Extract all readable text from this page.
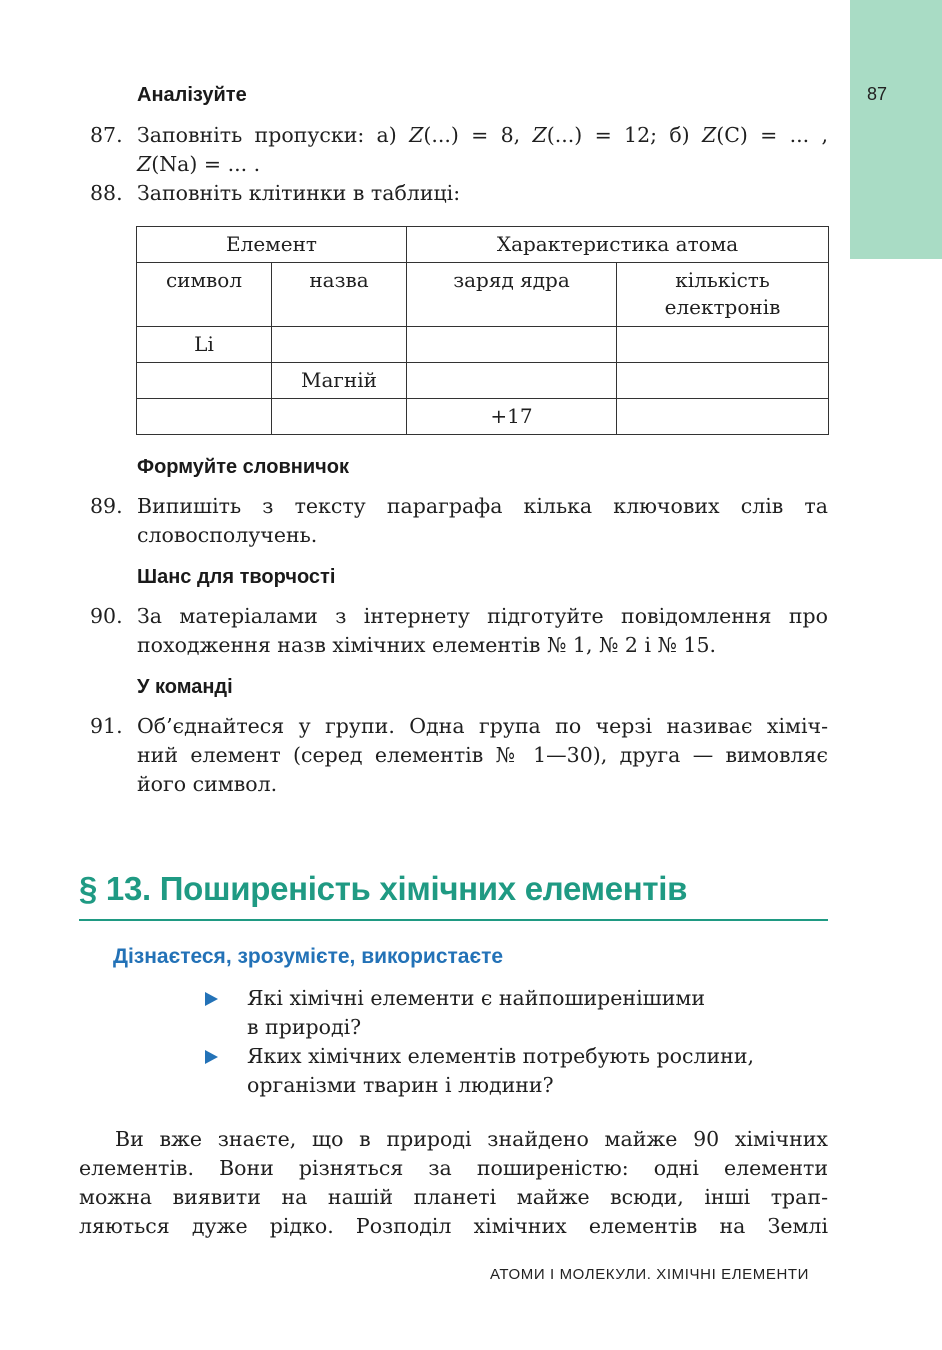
87
Аналізуйте
87. Заповніть пропуски: а) Z(...) = 8, Z(...) = 12; б) Z(C) = ... ,
Z(Na) = ... .
88. Заповніть клітинки в таблиці:
Елемент		Характеристика атома	
символ	назва	заряд ядра	кількість електронів
Li			
	Магній		
		+17	
Формуйте словничок
89. Випишіть з тексту параграфа кілька ключових слів та
словосполучень.
Шанс для творчості
90. За матеріалами з інтернету підготуйте повідомлення про
походження назв хімічних елементів № 1, № 2 і № 15.
У команді
91. Об’єднайтеся у групи. Одна група по черзі називає хіміч-
ний елемент (серед елементів № 1—30), друга — вимовляє
його символ.
§ 13. Поширеність хімічних елементів
Дізнаєтеся, зрозумієте, використаєте
Які хімічні елементи є найпоширенішими
в природі?
Яких хімічних елементів потребують рослини,
організми тварин і людини?
Ви вже знаєте, що в природі знайдено майже 90 хімічних
елементів. Вони різняться за поширеністю: одні елементи
можна виявити на нашій планеті майже всюди, інші трап-
ляються дуже рідко. Розподіл хімічних елементів на Землі
АТОМИ І МОЛЕКУЛИ. ХІМІЧНІ ЕЛЕМЕНТИ
